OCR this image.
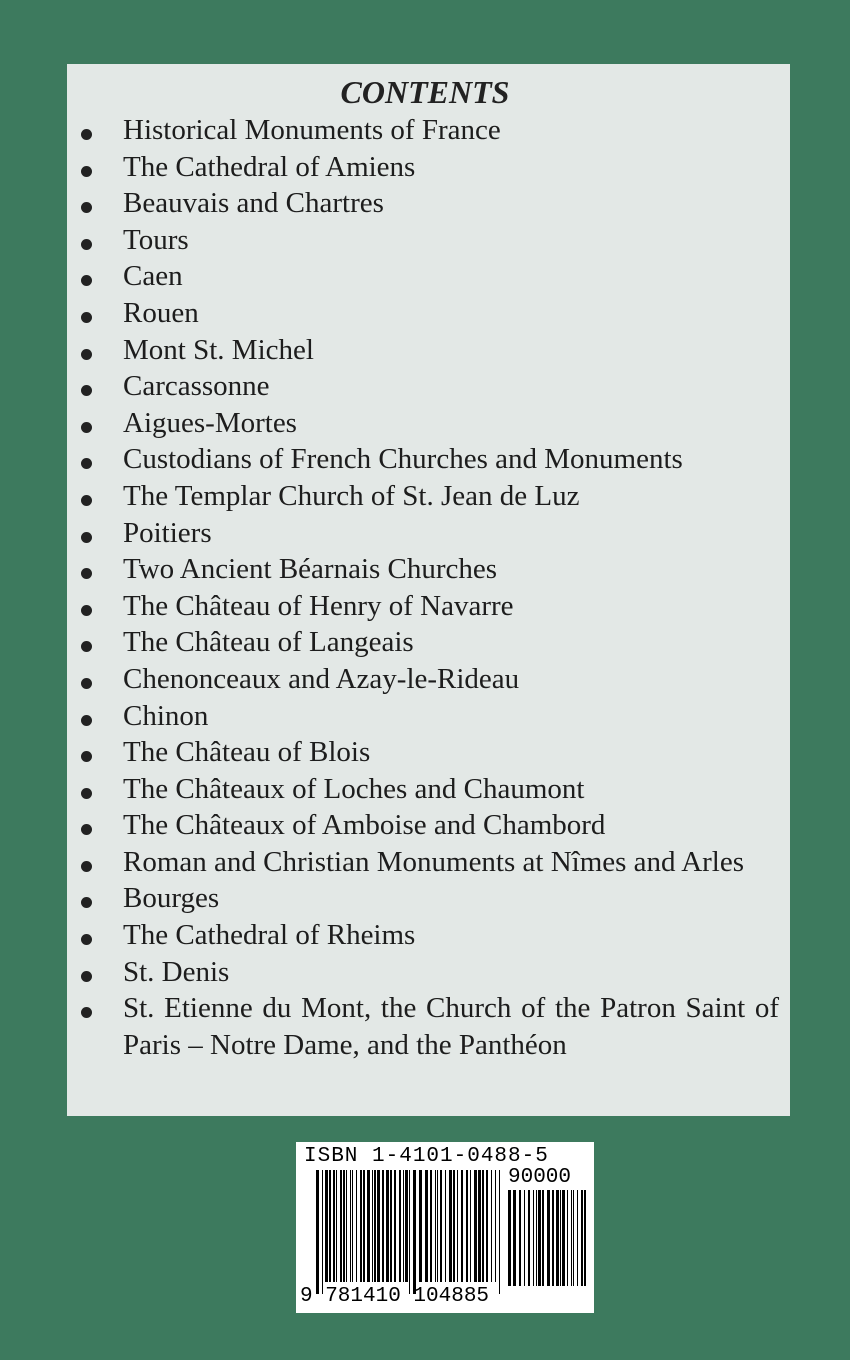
CONTENTS
Historical Monuments of France
The Cathedral of Amiens
Beauvais and Chartres
Tours
Caen
Rouen
Mont St. Michel
Carcassonne
Aigues-Mortes
Custodians of French Churches and Monuments
The Templar Church of St. Jean de Luz
Poitiers
Two Ancient Béarnais Churches
The Château of Henry of Navarre
The Château of Langeais
Chenonceaux and Azay-le-Rideau
Chinon
The Château of Blois
The Châteaux of Loches and Chaumont
The Châteaux of Amboise and Chambord
Roman and Christian Monuments at Nîmes and Arles
Bourges
The Cathedral of Rheims
St. Denis
St. Etienne du Mont, the Church of the Patron Saint of Paris – Notre Dame, and the Panthéon
ISBN 1-4101-0488-5
90000
9 781410 104885
